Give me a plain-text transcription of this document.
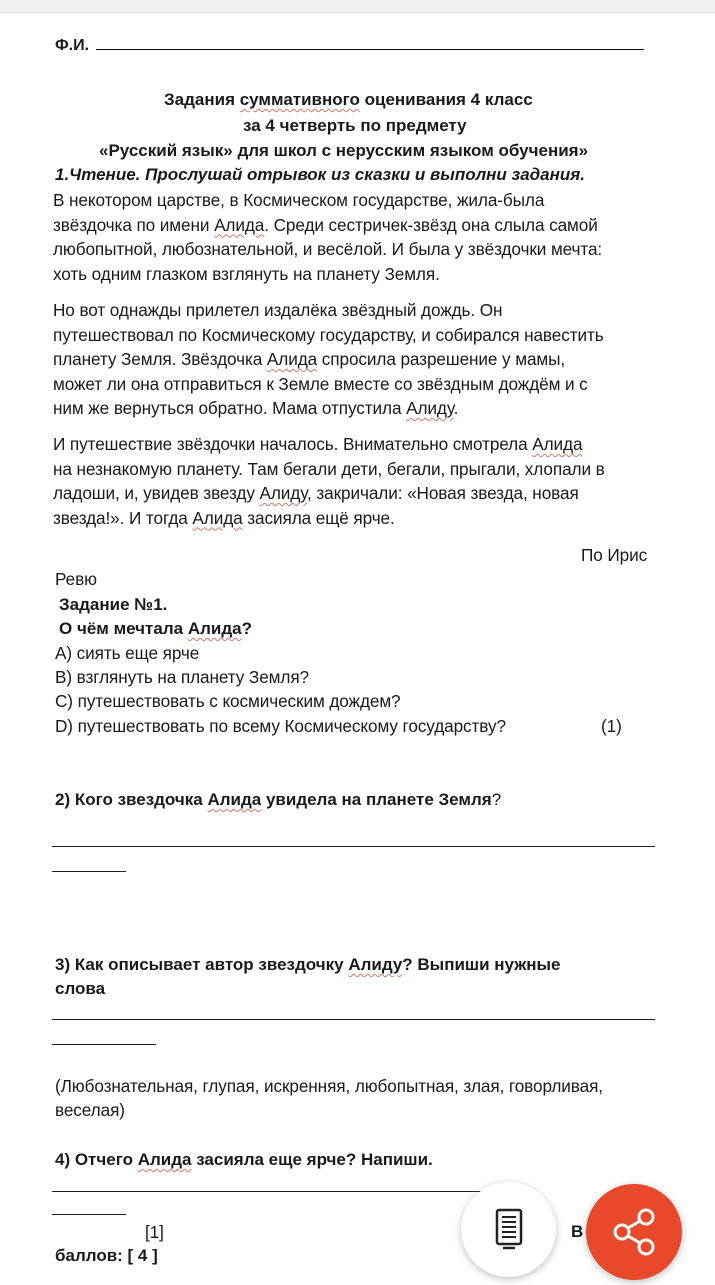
Ф.И.
Задания суммативного оценивания 4 класс
за 4 четверть по предмету
«Русский язык» для школ с нерусским языком обучения»
1.Чтение. Прослушай отрывок из сказки и выполни задания.
В некотором царстве, в Космическом государстве, жила-была
звёздочка по имени Алида. Среди сестричек-звёзд она слыла самой
любопытной, любознательной, и весёлой. И была у звёздочки мечта:
хоть одним глазком взглянуть на планету Земля.
Но вот однажды прилетел издалёка звёздный дождь. Он
путешествовал по Космическому государству, и собирался навестить
планету Земля. Звёздочка Алида спросила разрешение у мамы,
может ли она отправиться к Земле вместе со звёздным дождём и с
ним же вернуться обратно. Мама отпустила Алиду.
И путешествие звёздочки началось. Внимательно смотрела Алида
на незнакомую планету. Там бегали дети, бегали, прыгали, хлопали в
ладоши, и, увидев звезду Алиду, закричали: «Новая звезда, новая
звезда!». И тогда Алида засияла ещё ярче.
По Ирис
Ревю
Задание №1.
О чём мечтала Алида?
А) сиять еще ярче
B) взглянуть на планету Земля?
C) путешествовать с космическим дождем?
D) путешествовать по всему Космическому государству?	(1)
2) Кого звездочка Алида увидела на планете Земля?
3) Как описывает автор звездочку Алиду? Выпиши нужные
слова
(Любознательная, глупая, искренняя, любопытная, злая, говорливая,
веселая)
4) Отчего Алида засияла еще ярче? Напиши.
[1]
баллов: [ 4 ]
В
